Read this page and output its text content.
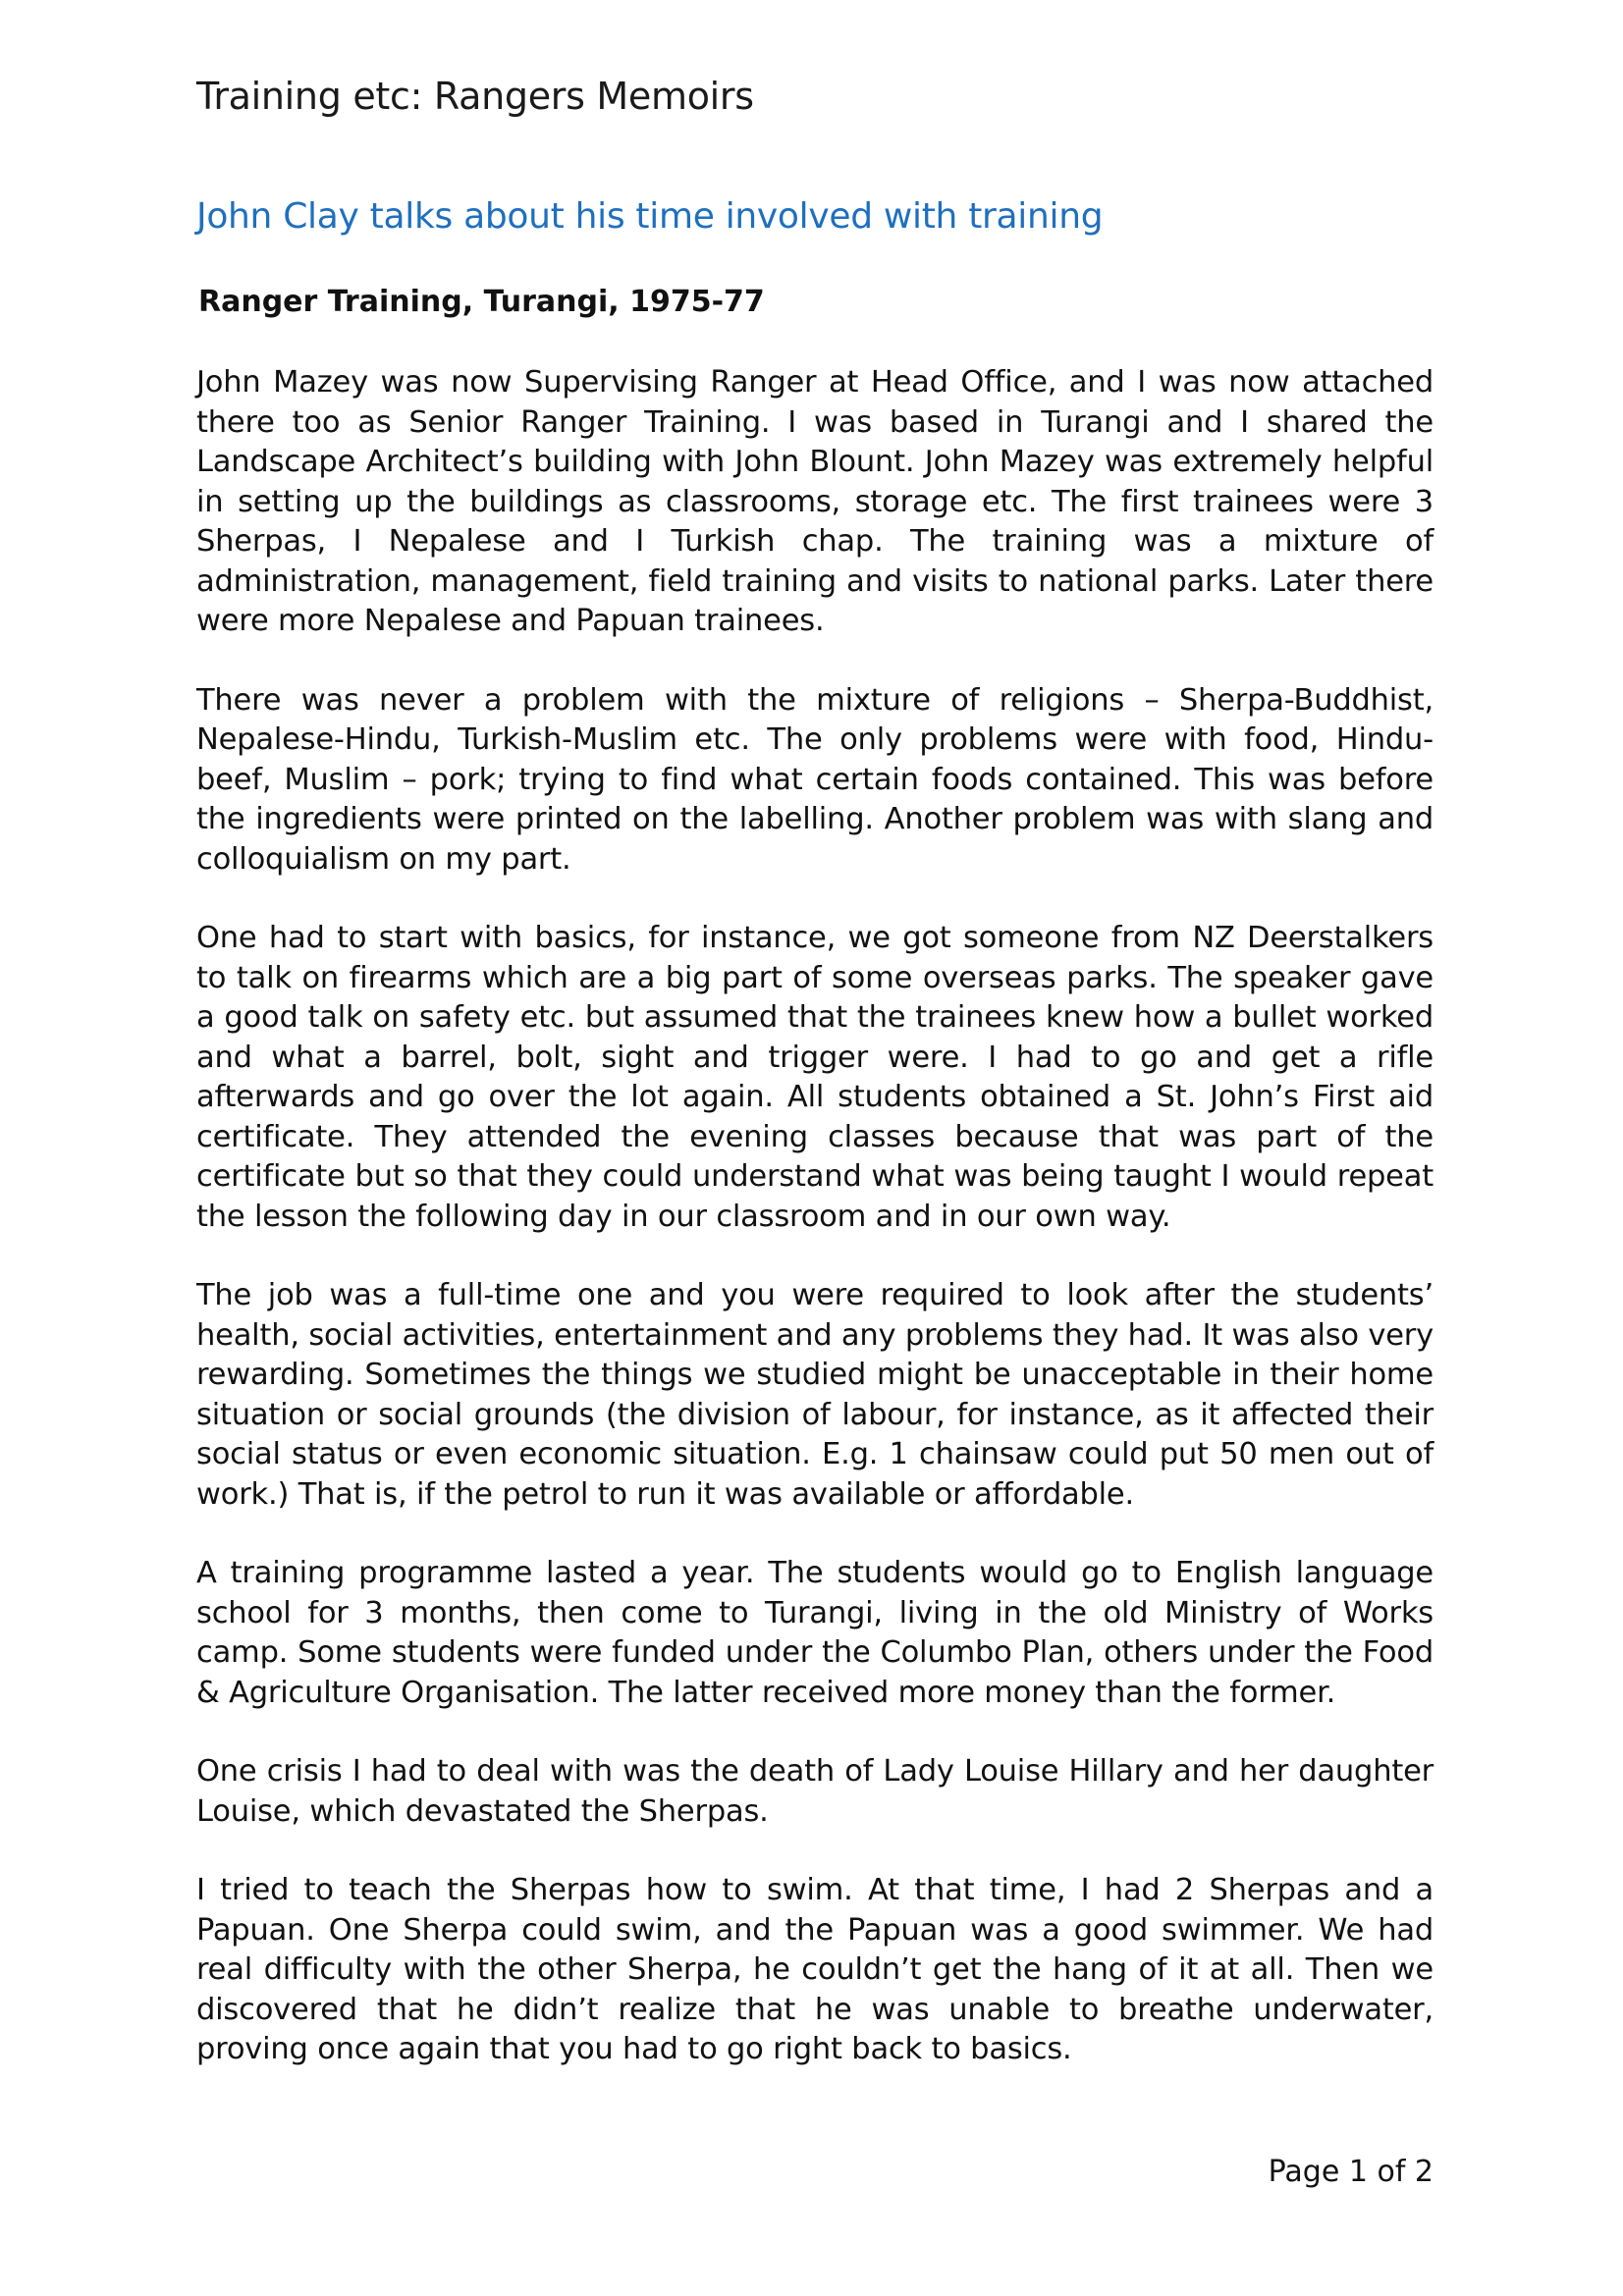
Training etc: Rangers Memoirs
John Clay talks about his time involved with training
Ranger Training, Turangi, 1975-77

John Mazey was now Supervising Ranger at Head Office, and I was now attached there too as Senior Ranger Training. I was based in Turangi and I shared the Landscape Architect’s building with John Blount. John Mazey was extremely helpful in setting up the buildings as classrooms, storage etc. The first trainees were 3 Sherpas, I Nepalese and I Turkish chap. The training was a mixture of administration, management, field training and visits to national parks. Later there were more Nepalese and Papuan trainees.

There was never a problem with the mixture of religions – Sherpa-Buddhist, Nepalese-Hindu, Turkish-Muslim etc. The only problems were with food, Hindu-beef, Muslim – pork; trying to find what certain foods contained. This was before the ingredients were printed on the labelling. Another problem was with slang and colloquialism on my part.

One had to start with basics, for instance, we got someone from NZ Deerstalkers to talk on firearms which are a big part of some overseas parks. The speaker gave a good talk on safety etc. but assumed that the trainees knew how a bullet worked and what a barrel, bolt, sight and trigger were. I had to go and get a rifle afterwards and go over the lot again. All students obtained a St. John’s First aid certificate. They attended the evening classes because that was part of the certificate but so that they could understand what was being taught I would repeat the lesson the following day in our classroom and in our own way.

The job was a full-time one and you were required to look after the students’ health, social activities, entertainment and any problems they had. It was also very rewarding. Sometimes the things we studied might be unacceptable in their home situation or social grounds (the division of labour, for instance, as it affected their social status or even economic situation. E.g. 1 chainsaw could put 50 men out of work.) That is, if the petrol to run it was available or affordable.

A training programme lasted a year. The students would go to English language school for 3 months, then come to Turangi, living in the old Ministry of Works camp. Some students were funded under the Columbo Plan, others under the Food & Agriculture Organisation. The latter received more money than the former.

One crisis I had to deal with was the death of Lady Louise Hillary and her daughter Louise, which devastated the Sherpas.

I tried to teach the Sherpas how to swim. At that time, I had 2 Sherpas and a Papuan. One Sherpa could swim, and the Papuan was a good swimmer. We had real difficulty with the other Sherpa, he couldn’t get the hang of it at all. Then we discovered that he didn’t realize that he was unable to breathe underwater, proving once again that you had to go right back to basics.

Page 1 of 2
